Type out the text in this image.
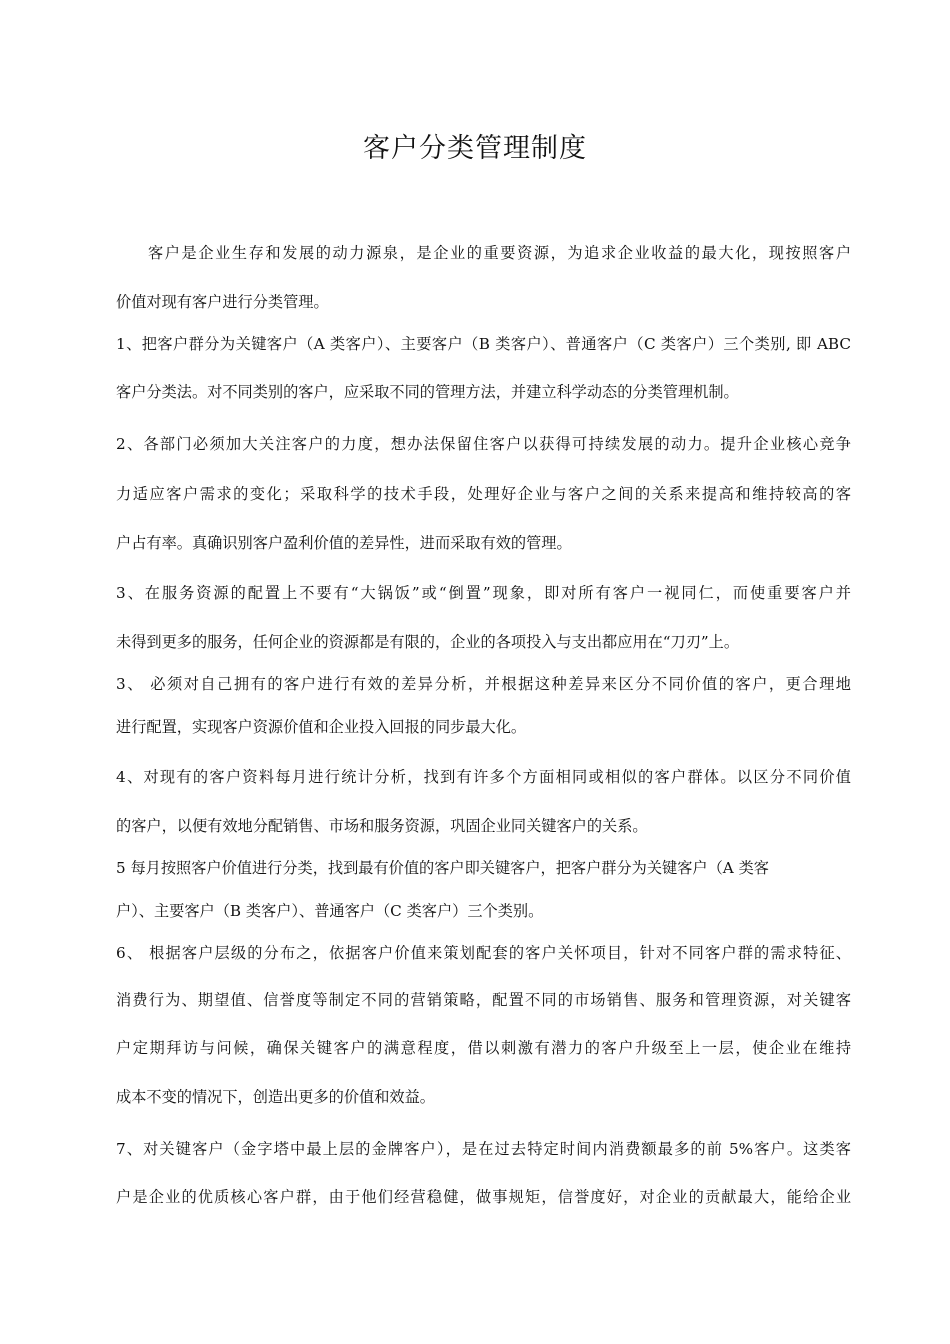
客户分类管理制度
客户是企业生存和发展的动力源泉，是企业的重要资源，为追求企业收益的最大化，现按照客户
价值对现有客户进行分类管理。
1、把客户群分为关键客户（A 类客户）、主要客户（B 类客户）、普通客户（C 类客户）三个类别, 即 ABC
客户分类法。对不同类别的客户，应采取不同的管理方法，并建立科学动态的分类管理机制。
2、各部门必须加大关注客户的力度，想办法保留住客户以获得可持续发展的动力。提升企业核心竞争
力适应客户需求的变化；采取科学的技术手段，处理好企业与客户之间的关系来提高和维持较高的客
户占有率。真确识别客户盈利价值的差异性，进而采取有效的管理。
3、在服务资源的配置上不要有“大锅饭”或“倒置”现象，即对所有客户一视同仁，而使重要客户并
未得到更多的服务，任何企业的资源都是有限的，企业的各项投入与支出都应用在“刀刃”上。
3、 必须对自己拥有的客户进行有效的差异分析，并根据这种差异来区分不同价值的客户，更合理地
进行配置，实现客户资源价值和企业投入回报的同步最大化。
4、对现有的客户资料每月进行统计分析，找到有许多个方面相同或相似的客户群体。以区分不同价值
的客户，以便有效地分配销售、市场和服务资源，巩固企业同关键客户的关系。
5 每月按照客户价值进行分类，找到最有价值的客户即关键客户，把客户群分为关键客户（A 类客
户）、主要客户（B 类客户）、普通客户（C 类客户）三个类别。
6、 根据客户层级的分布之，依据客户价值来策划配套的客户关怀项目，针对不同客户群的需求特征、
消费行为、期望值、信誉度等制定不同的营销策略，配置不同的市场销售、服务和管理资源，对关键客
户定期拜访与问候，确保关键客户的满意程度，借以刺激有潜力的客户升级至上一层，使企业在维持
成本不变的情况下，创造出更多的价值和效益。
7、对关键客户（金字塔中最上层的金牌客户），是在过去特定时间内消费额最多的前 5%客户。这类客
户是企业的优质核心客户群，由于他们经营稳健，做事规矩，信誉度好，对企业的贡献最大，能给企业
